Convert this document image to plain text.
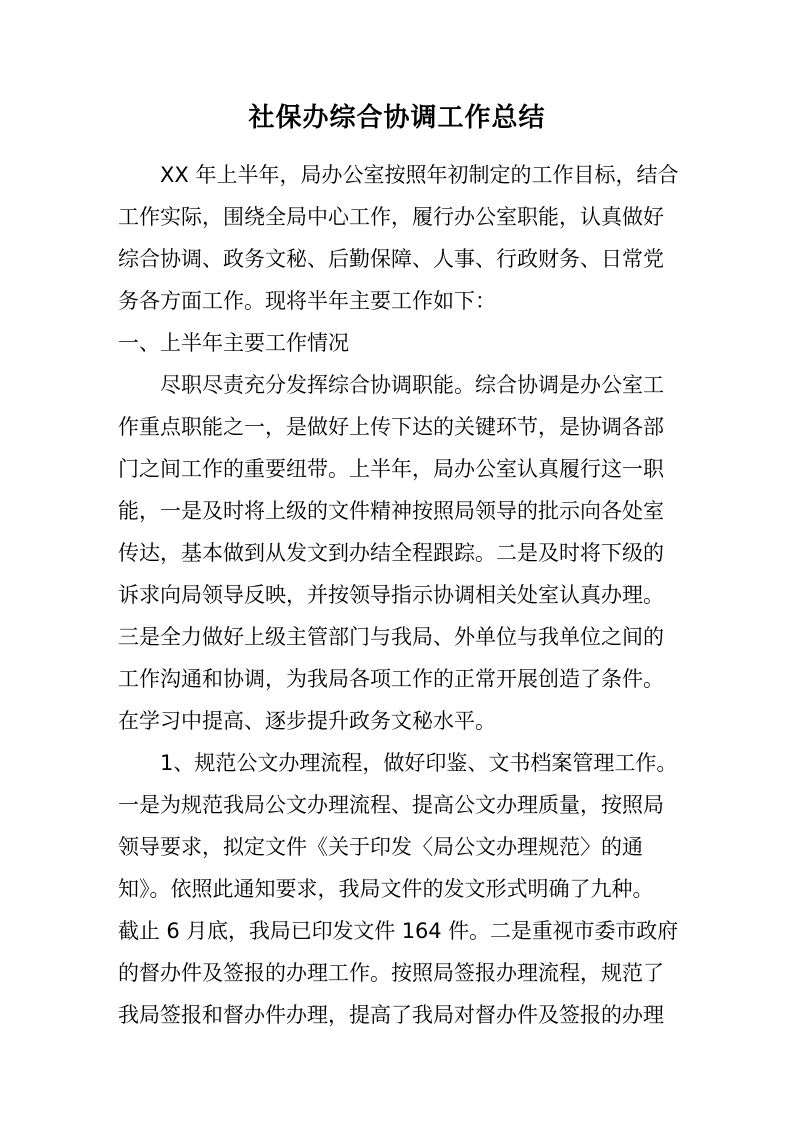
社保办综合协调工作总结
XX 年上半年，局办公室按照年初制定的工作目标，结合
工作实际，围绕全局中心工作，履行办公室职能，认真做好
综合协调、政务文秘、后勤保障、人事、行政财务、日常党
务各方面工作。现将半年主要工作如下：
一、上半年主要工作情况
尽职尽责充分发挥综合协调职能。综合协调是办公室工
作重点职能之一，是做好上传下达的关键环节，是协调各部
门之间工作的重要纽带。上半年，局办公室认真履行这一职
能，一是及时将上级的文件精神按照局领导的批示向各处室
传达，基本做到从发文到办结全程跟踪。二是及时将下级的
诉求向局领导反映，并按领导指示协调相关处室认真办理。
三是全力做好上级主管部门与我局、外单位与我单位之间的
工作沟通和协调，为我局各项工作的正常开展创造了条件。
在学习中提高、逐步提升政务文秘水平。
1、规范公文办理流程，做好印鉴、文书档案管理工作。
一是为规范我局公文办理流程、提高公文办理质量，按照局
领导要求，拟定文件《关于印发〈局公文办理规范〉的通
知》。依照此通知要求，我局文件的发文形式明确了九种。
截止 6 月底，我局已印发文件 164 件。二是重视市委市政府
的督办件及签报的办理工作。按照局签报办理流程，规范了
我局签报和督办件办理，提高了我局对督办件及签报的办理
